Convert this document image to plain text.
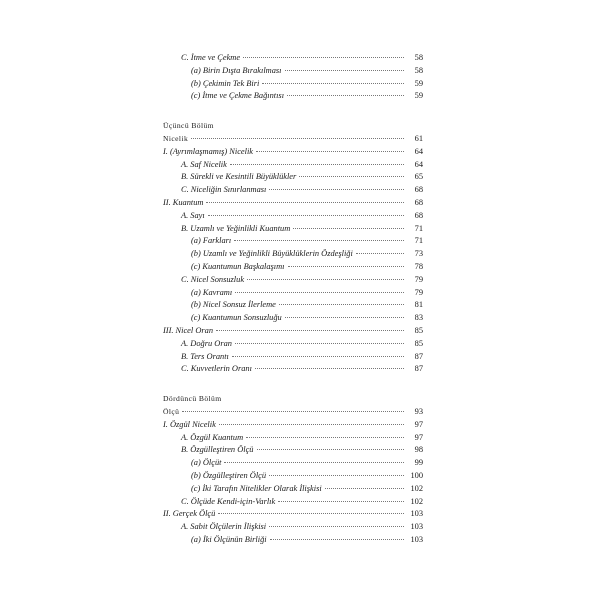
C. İtme ve Çekme	58
(a) Birin Dışta Bırakılması	58
(b) Çekimin Tek Biri	59
(c) İtme ve Çekme Bağıntısı	59
Üçüncü Bölüm
Nicelik	61
I. (Ayrımlaşmamış) Nicelik	64
A. Saf Nicelik	64
B. Sürekli ve Kesintili Büyüklükler	65
C. Niceliğin Sınırlanması	68
II. Kuantum	68
A. Sayı	68
B. Uzamlı ve Yeğinlikli Kuantum	71
(a) Farkları	71
(b) Uzamlı ve Yeğinlikli Büyüklüklerin Özdeşliği	73
(c) Kuantumun Başkalaşımı	78
C. Nicel Sonsuzluk	79
(a) Kavramı	79
(b) Nicel Sonsuz İlerleme	81
(c) Kuantumun Sonsuzluğu	83
III. Nicel Oran	85
A. Doğru Oran	85
B. Ters Orantı	87
C. Kuvvetlerin Oranı	87
Dördüncü Bölüm
Ölçü	93
I. Özgül Nicelik	97
A. Özgül Kuantum	97
B. Özgülleştiren Ölçü	98
(a) Ölçüt	99
(b) Özgülleştiren Ölçü	100
(c) İki Tarafın Nitelikler Olarak İlişkisi	102
C. Ölçüde Kendi-için-Varlık	102
II. Gerçek Ölçü	103
A. Sabit Ölçülerin İlişkisi	103
(a) İki Ölçünün Birliği	103
